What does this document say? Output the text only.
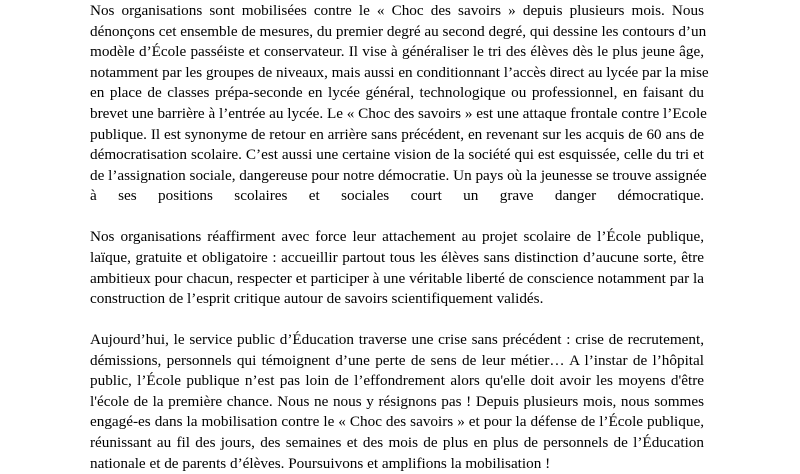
Nos organisations sont mobilisées contre le « Choc des savoirs » depuis plusieurs mois. Nous
dénonçons cet ensemble de mesures, du premier degré au second degré, qui dessine les contours d’un
modèle d’École passéiste et conservateur. Il vise à généraliser le tri des élèves dès le plus jeune âge,
notamment par les groupes de niveaux, mais aussi en conditionnant l’accès direct au lycée par la mise
en place de classes prépa-seconde en lycée général, technologique ou professionnel, en faisant du
brevet une barrière à l’entrée au lycée. Le « Choc des savoirs » est une attaque frontale contre l’Ecole
publique. Il est synonyme de retour en arrière sans précédent, en revenant sur les acquis de 60 ans de
démocratisation scolaire. C’est aussi une certaine vision de la société qui est esquissée, celle du tri et
de l’assignation sociale, dangereuse pour notre démocratie. Un pays où la jeunesse se trouve assignée
à ses positions scolaires et sociales court un grave danger démocratique.

Nos organisations réaffirment avec force leur attachement au projet scolaire de l’École publique,
laïque, gratuite et obligatoire : accueillir partout tous les élèves sans distinction d’aucune sorte, être
ambitieux pour chacun, respecter et participer à une véritable liberté de conscience notamment par la
construction de l’esprit critique autour de savoirs scientifiquement validés.

Aujourd’hui, le service public d’Éducation traverse une crise sans précédent : crise de recrutement,
démissions, personnels qui témoignent d’une perte de sens de leur métier… A l’instar de l’hôpital
public, l’École publique n’est pas loin de l’effondrement alors qu'elle doit avoir les moyens d'être
l'école de la première chance. Nous ne nous y résignons pas ! Depuis plusieurs mois, nous sommes
engagé-es dans la mobilisation contre le « Choc des savoirs » et pour la défense de l’École publique,
réunissant au fil des jours, des semaines et des mois de plus en plus de personnels de l’Éducation
nationale et de parents d’élèves. Poursuivons et amplifions la mobilisation !
